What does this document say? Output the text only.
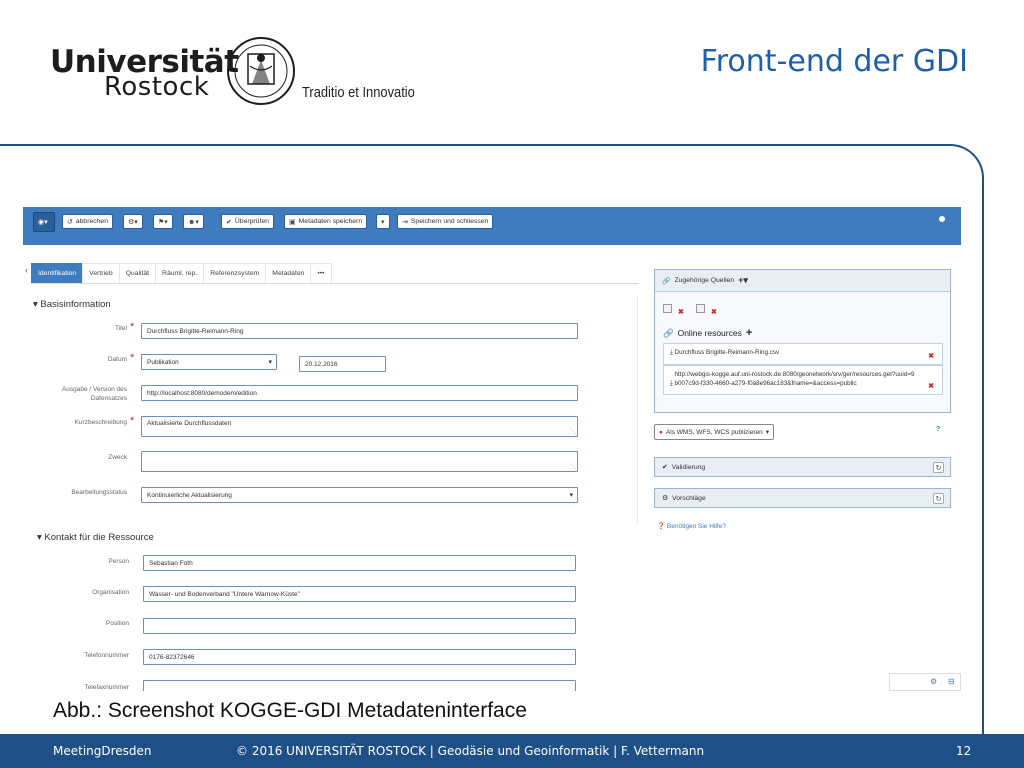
Universität
Rostock	Traditio et Innovatio
Front-end der GDI
◉▾	↺ abbrechen	⚙▾	⚑▾	☻▾	✔ Überprüfen	▣ Metadaten speichern	▾ ⇥ Speichern und schliessen
‹	Identifikation	Vertrieb	Qualität	Räuml. rep.	Referenzsystem	Metadaten	•••
▾ Basisinformation
Titel *	Durchfluss Brigitte-Reimann-Ring
Datum *	Publikation ▾	20.12.2016
Ausgabe / Version des Datensatzes
http://localhost:8080/demodem/edition
Kurzbeschreibung * Aktualisierte Durchflussdaten
⋱
Zweck
⋱
Bearbeitungsstatus	Kontinuierliche Aktualisierung ▾
▾ Kontakt für die Ressource
Person	Sebastian Foth
Organisation	Wasser- und Bodenverband "Untere Warnow-Küste"
Position
Telefonnummer	0176-82372646
Telefaxnummer
🔗 Zugehörige Quellen +▾
✖	✖
🔗 Online resources +
⤓ Durchfluss Brigitte-Reimann-Ring.csv
✖
⤓ http://webgis-kogge.auf.uni-rostock.de:8080/geonetwork/srv/ger/resources.get?uuid=9b007c9d-f330-4660-a279-f0a8e96ac183&fname=&access=public	✖
● Als WMS, WFS, WCS publizieren ▾	?
✔ Validierung	↻
⚙ Vorschläge	↻
❓ Benötigen Sie Hilfe?
⚙ ⊟
Abb.: Screenshot KOGGE-GDI Metadateninterface
MeetingDresden	© 2016 UNIVERSITÄT ROSTOCK | Geodäsie und Geoinformatik | F. Vettermann	12
